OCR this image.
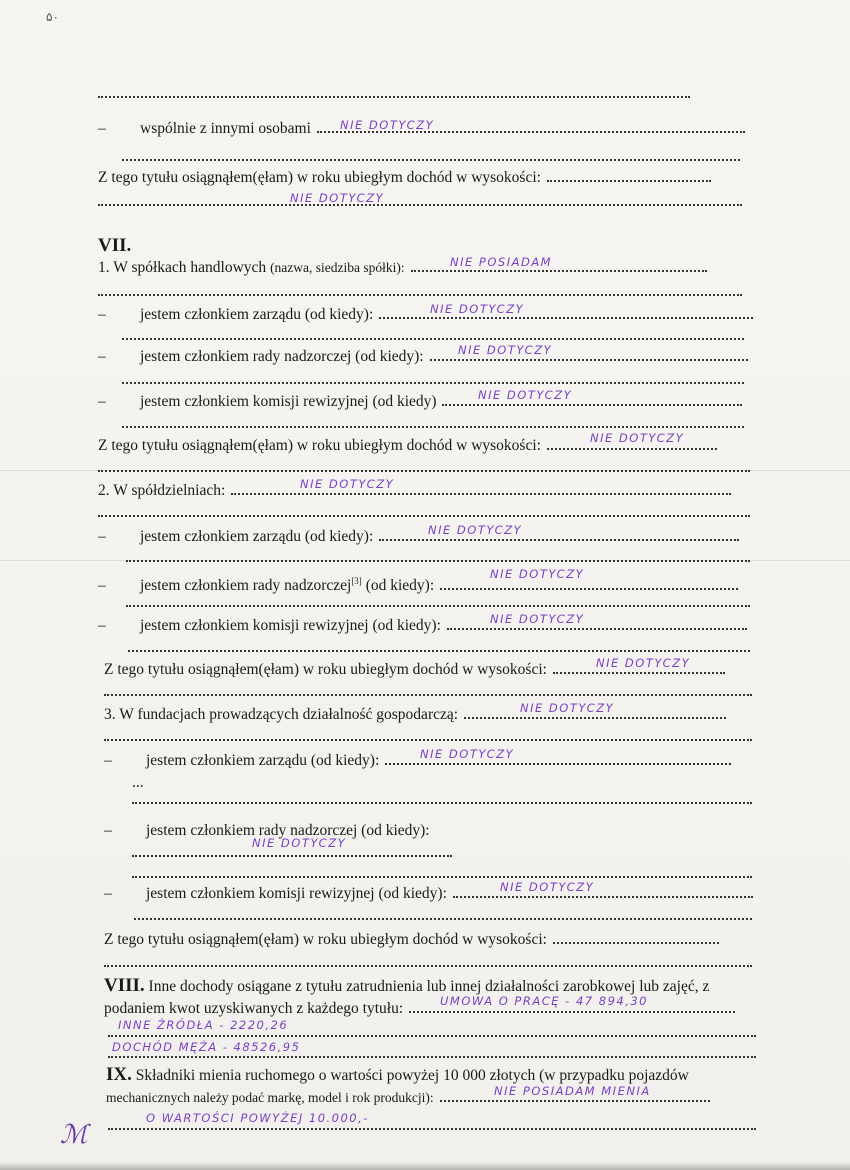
۵۰
– wspólnie z innymi osobami	NIE DOTYCZY
Z tego tytułu osiągnąłem(ęłam) w roku ubiegłym dochód w wysokości:
NIE DOTYCZY
VII.
1. W spółkach handlowych (nazwa, siedziba spółki):	NIE POSIADAM
– jestem członkiem zarządu (od kiedy):	NIE DOTYCZY
– jestem członkiem rady nadzorczej (od kiedy):	NIE DOTYCZY
– jestem członkiem komisji rewizyjnej (od kiedy)	NIE DOTYCZY
Z tego tytułu osiągnąłem(ęłam) w roku ubiegłym dochód w wysokości:	NIE DOTYCZY
2. W spółdzielniach:	NIE DOTYCZY
– jestem członkiem zarządu (od kiedy):	NIE DOTYCZY
– jestem członkiem rady nadzorczej[3] (od kiedy):
NIE DOTYCZY
– jestem członkiem komisji rewizyjnej (od kiedy):	NIE DOTYCZY
Z tego tytułu osiągnąłem(ęłam) w roku ubiegłym dochód w wysokości:	NIE DOTYCZY
3. W fundacjach prowadzących działalność gospodarczą:	NIE DOTYCZY
– jestem członkiem zarządu (od kiedy):	NIE DOTYCZY
...
– jestem członkiem rady nadzorczej (od kiedy):
NIE DOTYCZY
– jestem członkiem komisji rewizyjnej (od kiedy):	NIE DOTYCZY
Z tego tytułu osiągnąłem(ęłam) w roku ubiegłym dochód w wysokości:
VIII. Inne dochody osiągane z tytułu zatrudnienia lub innej działalności zarobkowej lub zajęć, z
podaniem kwot uzyskiwanych z każdego tytułu:	UMOWA O PRACĘ - 47 894,30
INNE ŹRÓDŁA - 2220,26
DOCHÓD MĘŻA - 48526,95
IX. Składniki mienia ruchomego o wartości powyżej 10 000 złotych (w przypadku pojazdów
mechanicznych należy podać markę, model i rok produkcji):	NIE POSIADAM MIENIA
O WARTOŚCI POWYŻEJ 10.000,-
ℳ
